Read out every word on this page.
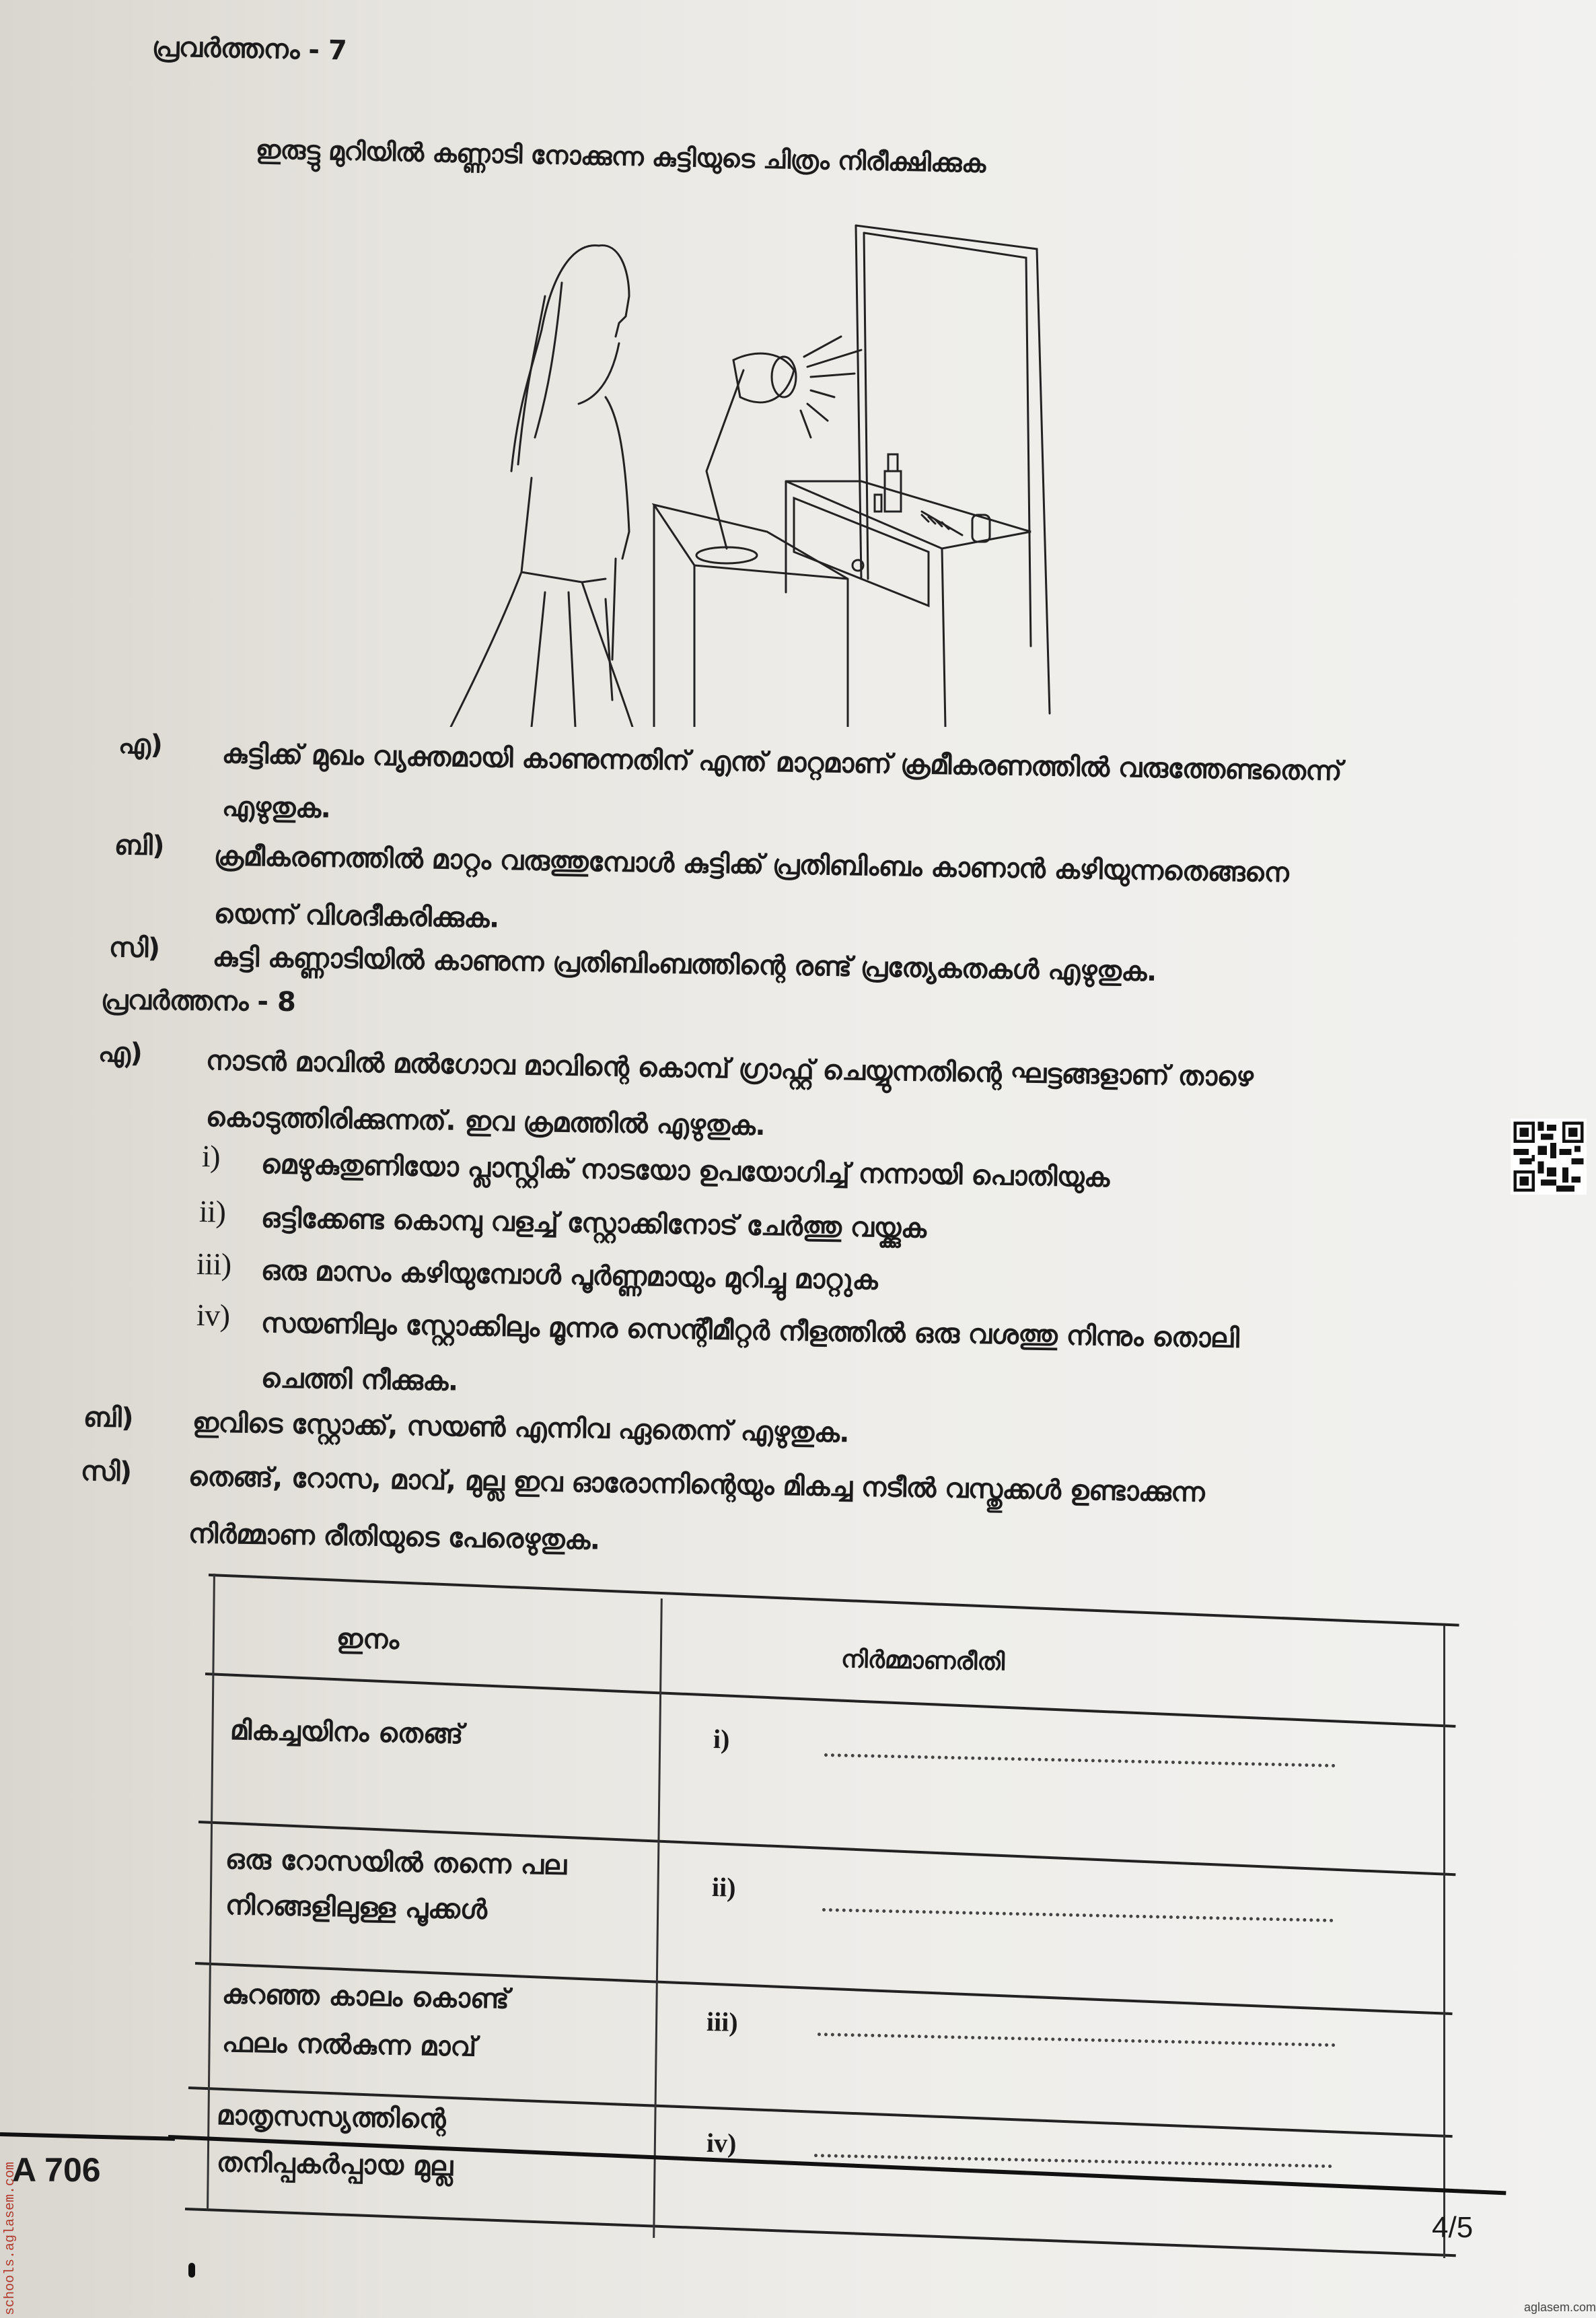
പ്രവർത്തനം - 7
ഇരുട്ടു മുറിയിൽ കണ്ണാടി നോക്കുന്ന കുട്ടിയുടെ ചിത്രം നിരീക്ഷിക്കുക
എ) കുട്ടിക്ക് മുഖം വ്യക്തമായി കാണുന്നതിന് എന്ത് മാറ്റമാണ് ക്രമീകരണത്തിൽ വരുത്തേണ്ടതെന്ന്
എഴുതുക.
ബി) ക്രമീകരണത്തിൽ മാറ്റം വരുത്തുമ്പോൾ കുട്ടിക്ക് പ്രതിബിംബം കാണാൻ കഴിയുന്നതെങ്ങനെ
യെന്ന് വിശദീകരിക്കുക.
സി) കുട്ടി കണ്ണാടിയിൽ കാണുന്ന പ്രതിബിംബത്തിന്റെ രണ്ട് പ്രത്യേകതകൾ എഴുതുക.
പ്രവർത്തനം - 8
എ) നാടൻ മാവിൽ മൽഗോവ മാവിന്റെ കൊമ്പ് ഗ്രാഫ്റ്റ് ചെയ്യുന്നതിന്റെ ഘട്ടങ്ങളാണ് താഴെ
കൊടുത്തിരിക്കുന്നത്. ഇവ ക്രമത്തിൽ എഴുതുക.
i) മെഴുകുതുണിയോ പ്ലാസ്റ്റിക് നാടയോ ഉപയോഗിച്ച് നന്നായി പൊതിയുക
ii) ഒട്ടിക്കേണ്ട കൊമ്പു വളച്ച് സ്റ്റോക്കിനോട് ചേർത്തു വയ്ക്കുക
iii) ഒരു മാസം കഴിയുമ്പോൾ പൂർണ്ണമായും മുറിച്ചു മാറ്റുക
iv) സയണിലും സ്റ്റോക്കിലും മൂന്നര സെന്റീമീറ്റർ നീളത്തിൽ ഒരു വശത്തു നിന്നും തൊലി
ചെത്തി നീക്കുക.
ബി) ഇവിടെ സ്റ്റോക്ക്, സയൺ എന്നിവ ഏതെന്ന് എഴുതുക.
സി) തെങ്ങ്, റോസ, മാവ്, മുല്ല ഇവ ഓരോന്നിന്റെയും മികച്ച നടീൽ വസ്തുക്കൾ ഉണ്ടാക്കുന്ന
നിർമ്മാണ രീതിയുടെ പേരെഴുതുക.
ഇനം
നിർമ്മാണരീതി
മികച്ചയിനം തെങ്ങ്	i)
ഒരു റോസയിൽ തന്നെ പല
നിറങ്ങളിലുള്ള പൂക്കൾ
ii)
കുറഞ്ഞ കാലം കൊണ്ട്
ഫലം നൽകുന്ന മാവ്
iii)
മാതൃസസ്യത്തിന്റെ
തനിപ്പകർപ്പായ മുല്ല
iv)
A 706
4/5
schools.aglasem.com	aglasem.com
